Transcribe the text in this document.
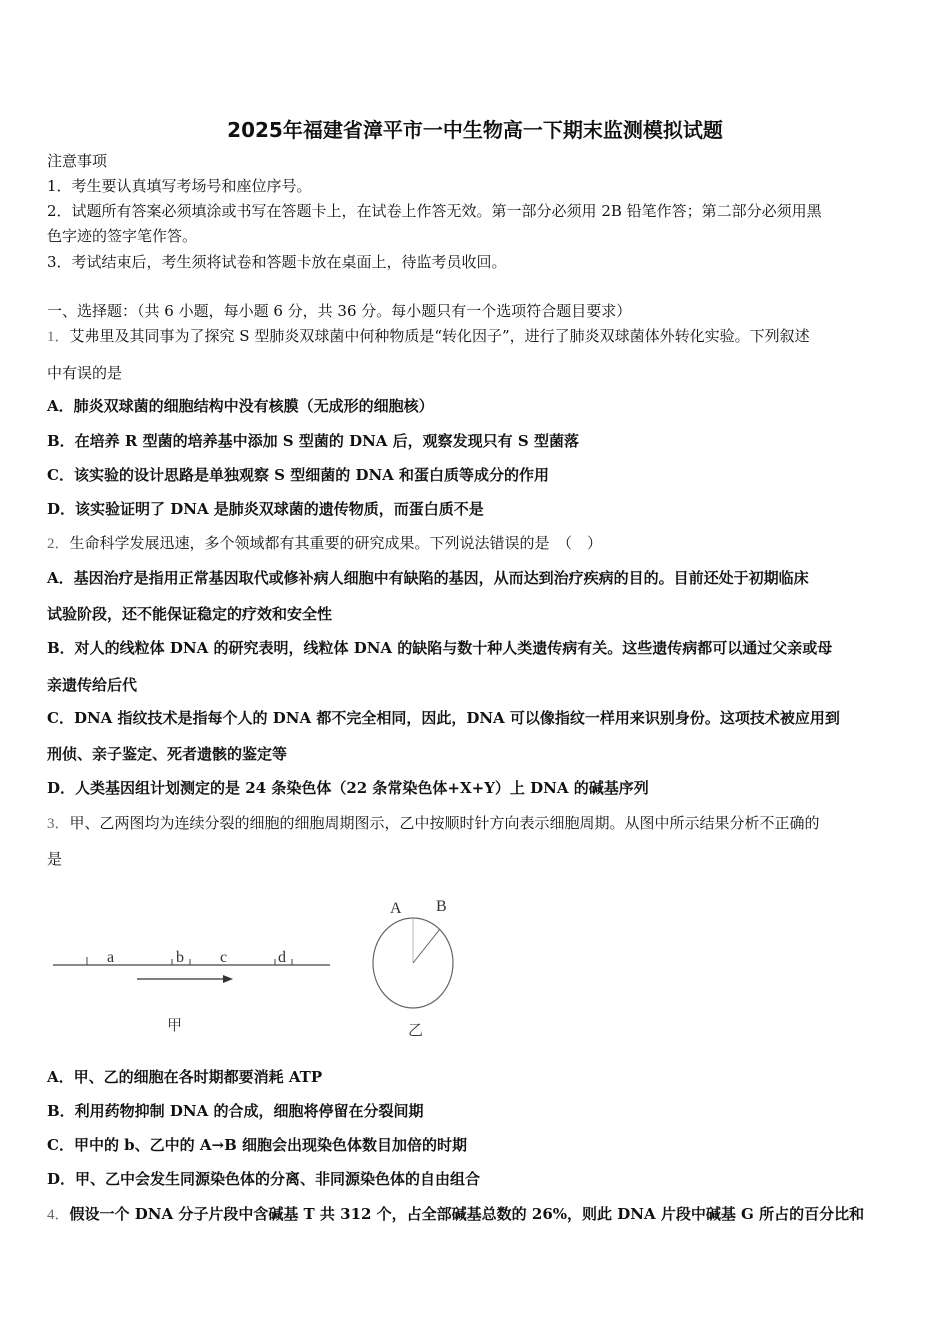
2025年福建省漳平市一中生物高一下期末监测模拟试题
注意事项
1．考生要认真填写考场号和座位序号。
2．试题所有答案必须填涂或书写在答题卡上，在试卷上作答无效。第一部分必须用 2B 铅笔作答；第二部分必须用黑
色字迹的签字笔作答。
3．考试结束后，考生须将试卷和答题卡放在桌面上，待监考员收回。
一、选择题：（共 6 小题，每小题 6 分，共 36 分。每小题只有一个选项符合题目要求）
1．艾弗里及其同事为了探究 S 型肺炎双球菌中何种物质是“转化因子”，进行了肺炎双球菌体外转化实验。下列叙述
中有误的是
A．肺炎双球菌的细胞结构中没有核膜（无成形的细胞核）
B．在培养 R 型菌的培养基中添加 S 型菌的 DNA 后，观察发现只有 S 型菌落
C．该实验的设计思路是单独观察 S 型细菌的 DNA 和蛋白质等成分的作用
D．该实验证明了 DNA 是肺炎双球菌的遗传物质，而蛋白质不是
2．生命科学发展迅速，多个领域都有其重要的研究成果。下列说法错误的是　（　）
A．基因治疗是指用正常基因取代或修补病人细胞中有缺陷的基因，从而达到治疗疾病的目的。目前还处于初期临床
试验阶段，还不能保证稳定的疗效和安全性
B．对人的线粒体 DNA 的研究表明，线粒体 DNA 的缺陷与数十种人类遗传病有关。这些遗传病都可以通过父亲或母
亲遗传给后代
C．DNA 指纹技术是指每个人的 DNA 都不完全相同，因此，DNA 可以像指纹一样用来识别身份。这项技术被应用到
刑侦、亲子鉴定、死者遗骸的鉴定等
D．人类基因组计划测定的是 24 条染色体（22 条常染色体+X+Y）上 DNA 的碱基序列
3．甲、乙两图均为连续分裂的细胞的细胞周期图示，乙中按顺时针方向表示细胞周期。从图中所示结果分析不正确的
是
a	b c	d
甲
A B
乙
A．甲、乙的细胞在各时期都要消耗 ATP
B．利用药物抑制 DNA 的合成，细胞将停留在分裂间期
C．甲中的 b、乙中的 A→B 细胞会出现染色体数目加倍的时期
D．甲、乙中会发生同源染色体的分离、非同源染色体的自由组合
4．假设一个 DNA 分子片段中含碱基 T 共 312 个，占全部碱基总数的 26%，则此 DNA 片段中碱基 G 所占的百分比和
